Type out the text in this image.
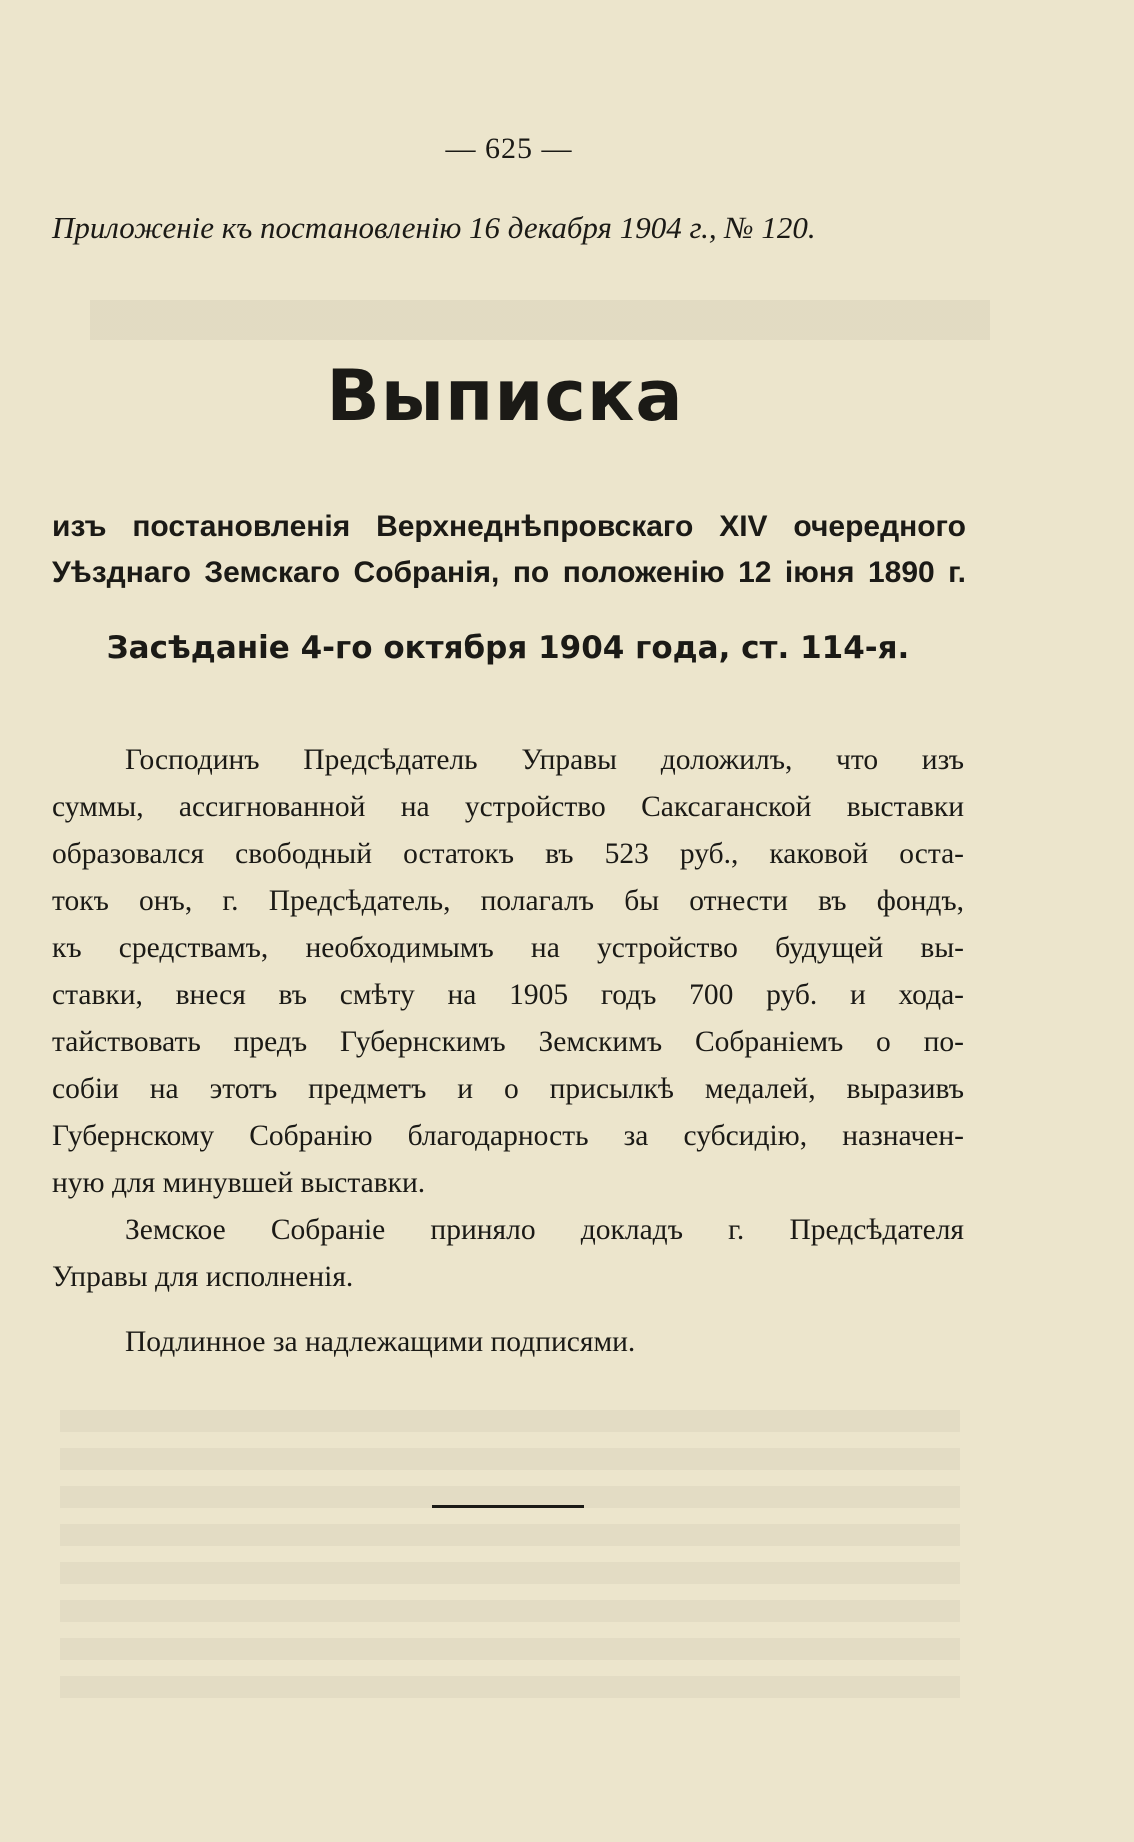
— 625 —
Приложеніе къ постановленію 16 декабря 1904 г., № 120.
Выписка
изъ постановленія Верхнеднѣпровскаго XIV очередного
Уѣзднаго Земскаго Собранія, по положенію 12 іюня 1890 г.
Засѣданіе 4-го октября 1904 года, ст. 114-я.
Господинъ Предсѣдатель Управы доложилъ, что изъ
суммы, ассигнованной на устройство Саксаганской выставки
образовался свободный остатокъ въ 523 руб., каковой оста-
токъ онъ, г. Предсѣдатель, полагалъ бы отнести въ фондъ,
къ средствамъ, необходимымъ на устройство будущей вы-
ставки, внеся въ смѣту на 1905 годъ 700 руб. и хода-
тайствовать предъ Губернскимъ Земскимъ Собраніемъ о по-
собіи на этотъ предметъ и о присылкѣ медалей, выразивъ
Губернскому Собранію благодарность за субсидію, назначен-
ную для минувшей выставки.
Земское Собраніе приняло докладъ г. Предсѣдателя
Управы для исполненія.
Подлинное за надлежащими подписями.
